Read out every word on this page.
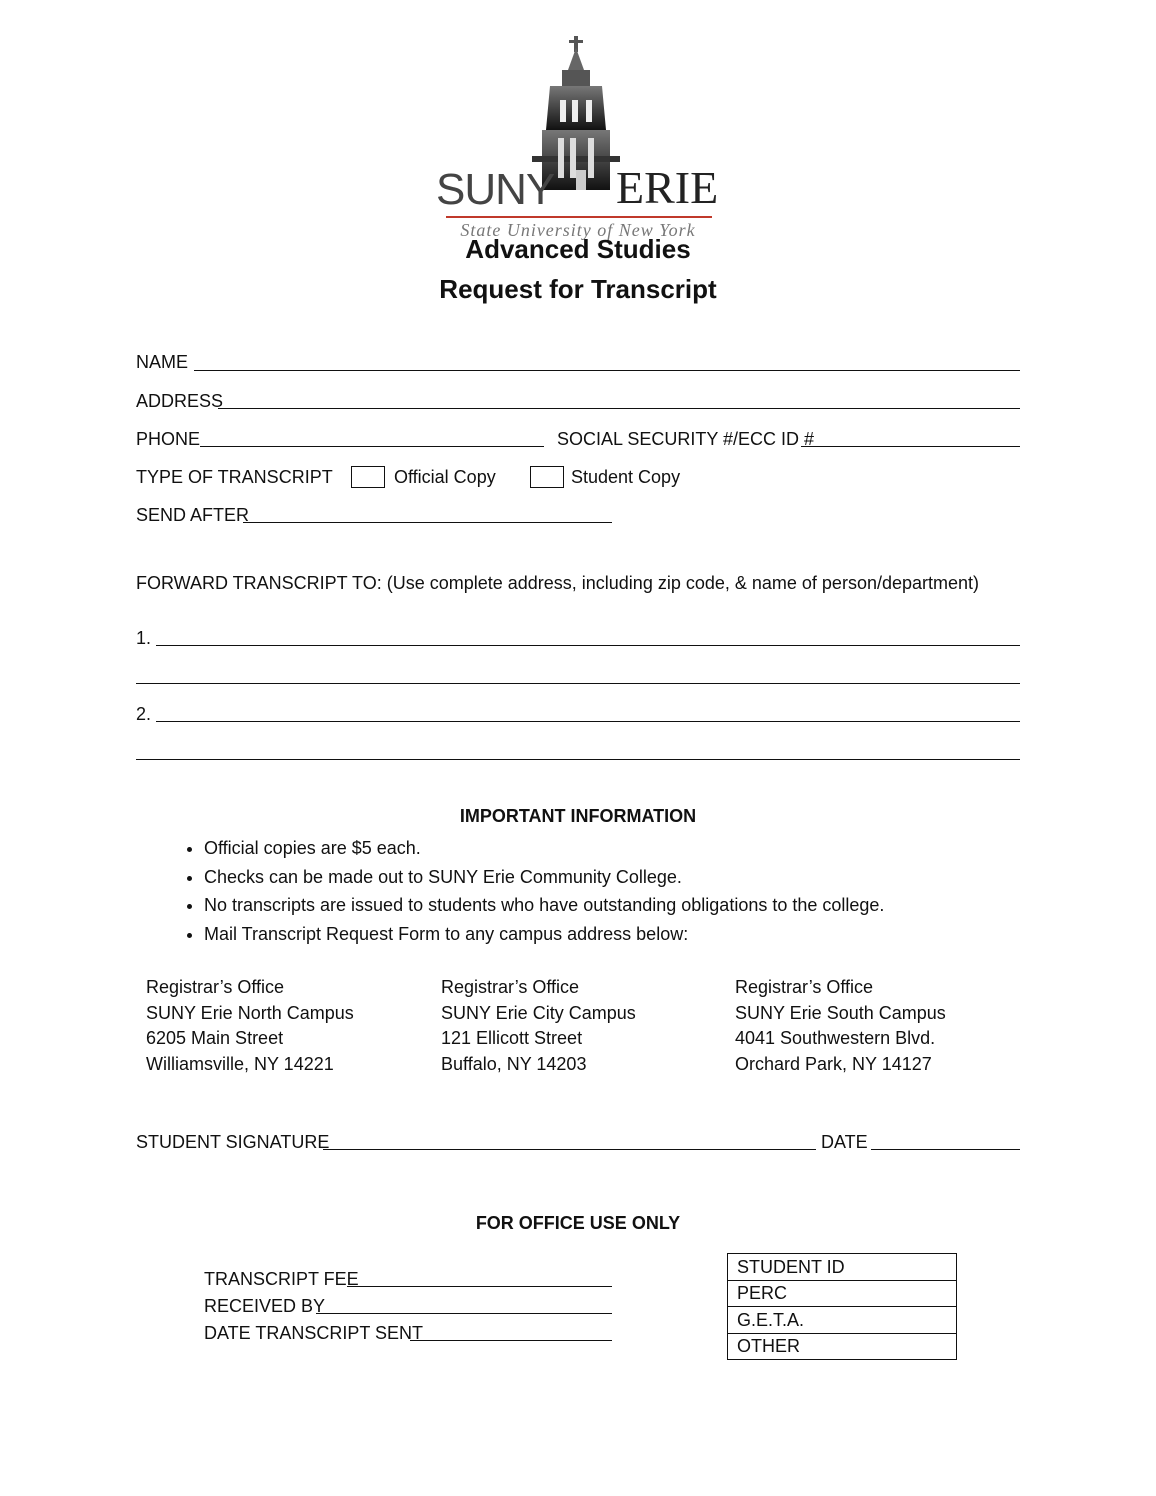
SUNY ERIE
State University of New York
Advanced Studies
Request for Transcript
NAME
ADDRESS
PHONE	SOCIAL SECURITY #/ECC ID #
TYPE OF TRANSCRIPT	Official Copy	Student Copy
SEND AFTER
FORWARD TRANSCRIPT TO: (Use complete address, including zip code, & name of person/department)
1.
2.
IMPORTANT INFORMATION
• Official copies are $5 each.
• Checks can be made out to SUNY Erie Community College.
• No transcripts are issued to students who have outstanding obligations to the college.
• Mail Transcript Request Form to any campus address below:
Registrar’s Office
SUNY Erie North Campus
6205 Main Street
Williamsville, NY 14221
Registrar’s Office
SUNY Erie City Campus
121 Ellicott Street
Buffalo, NY 14203
Registrar’s Office
SUNY Erie South Campus
4041 Southwestern Blvd.
Orchard Park, NY 14127
STUDENT SIGNATURE	DATE
FOR OFFICE USE ONLY
TRANSCRIPT FEE
RECEIVED BY
DATE TRANSCRIPT SENT
STUDENT ID
PERC
G.E.T.A.
OTHER
